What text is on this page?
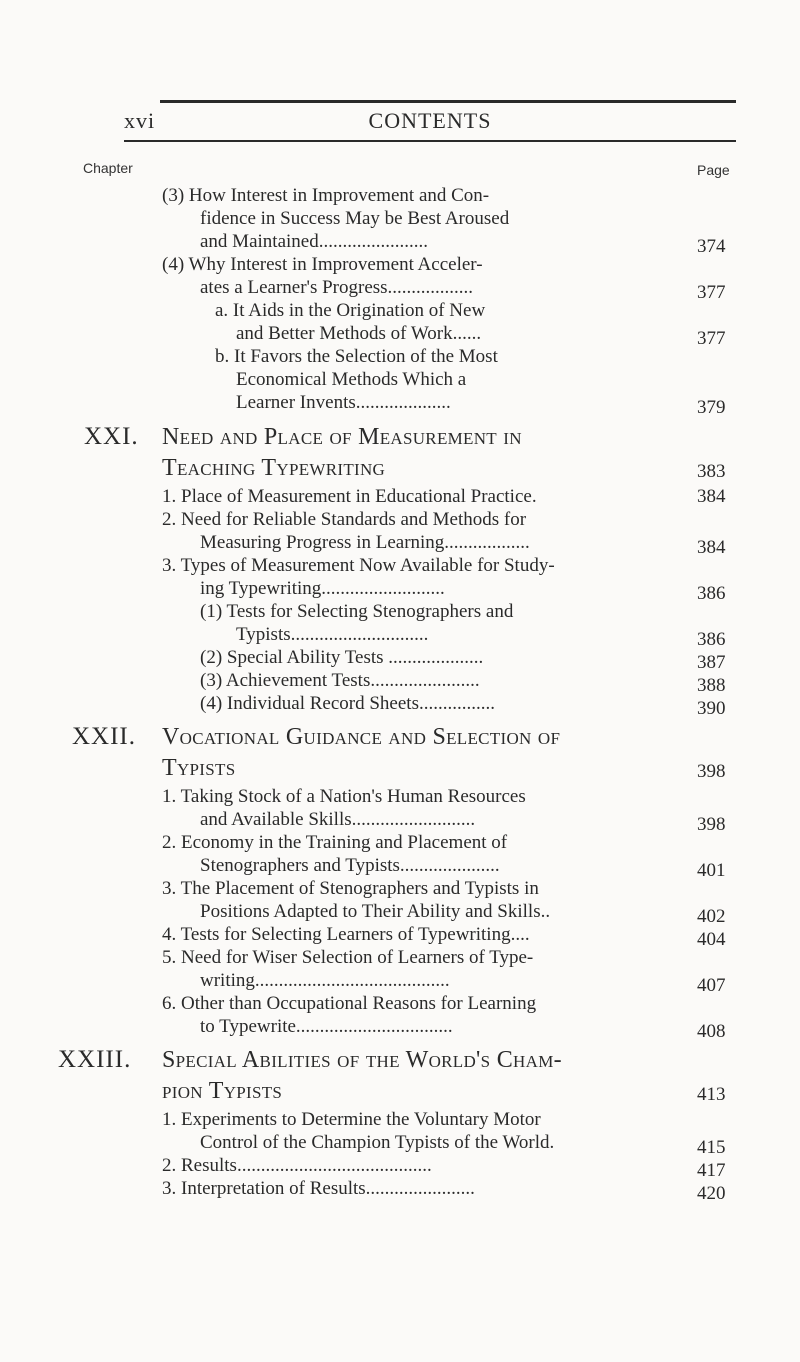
xvi	CONTENTS
Chapter	Page
(3) How Interest in Improvement and Con-
fidence in Success May be Best Aroused
and Maintained.......................	374
(4) Why Interest in Improvement Acceler-
ates a Learner's Progress..................	377
a. It Aids in the Origination of New
and Better Methods of Work......	377
b. It Favors the Selection of the Most
Economical Methods Which a
Learner Invents....................	379
XXI. Need and Place of Measurement in
Teaching Typewriting	383
1. Place of Measurement in Educational Practice.	384
2. Need for Reliable Standards and Methods for
Measuring Progress in Learning..................	384
3. Types of Measurement Now Available for Study-
ing Typewriting..........................	386
(1) Tests for Selecting Stenographers and
Typists.............................	386
(2) Special Ability Tests ....................	387
(3) Achievement Tests.......................	388
(4) Individual Record Sheets................	390
XXII. Vocational Guidance and Selection of
Typists	398
1. Taking Stock of a Nation's Human Resources
and Available Skills..........................	398
2. Economy in the Training and Placement of
Stenographers and Typists.....................	401
3. The Placement of Stenographers and Typists in
Positions Adapted to Their Ability and Skills..	402
4. Tests for Selecting Learners of Typewriting....	404
5. Need for Wiser Selection of Learners of Type-
writing.........................................	407
6. Other than Occupational Reasons for Learning
to Typewrite.................................	408
XXIII. Special Abilities of the World's Cham-
pion Typists	413
1. Experiments to Determine the Voluntary Motor
Control of the Champion Typists of the World.	415
2. Results.........................................	417
3. Interpretation of Results.......................	420
